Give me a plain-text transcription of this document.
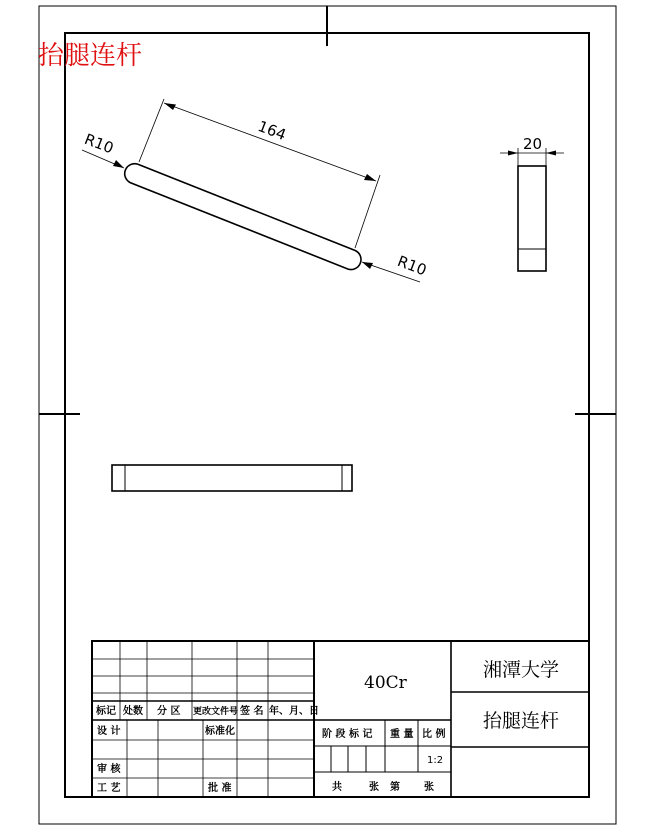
抬腿连杆
164
R10
R10
20
标记 处数 分 区 更改文件号 签 名 年、月、日
设 计	标准化
审 核
工 艺	批 准
40Cr
阶 段 标 记 重 量 比 例
1:2
共	张 第 张
湘潭大学
抬腿连杆
